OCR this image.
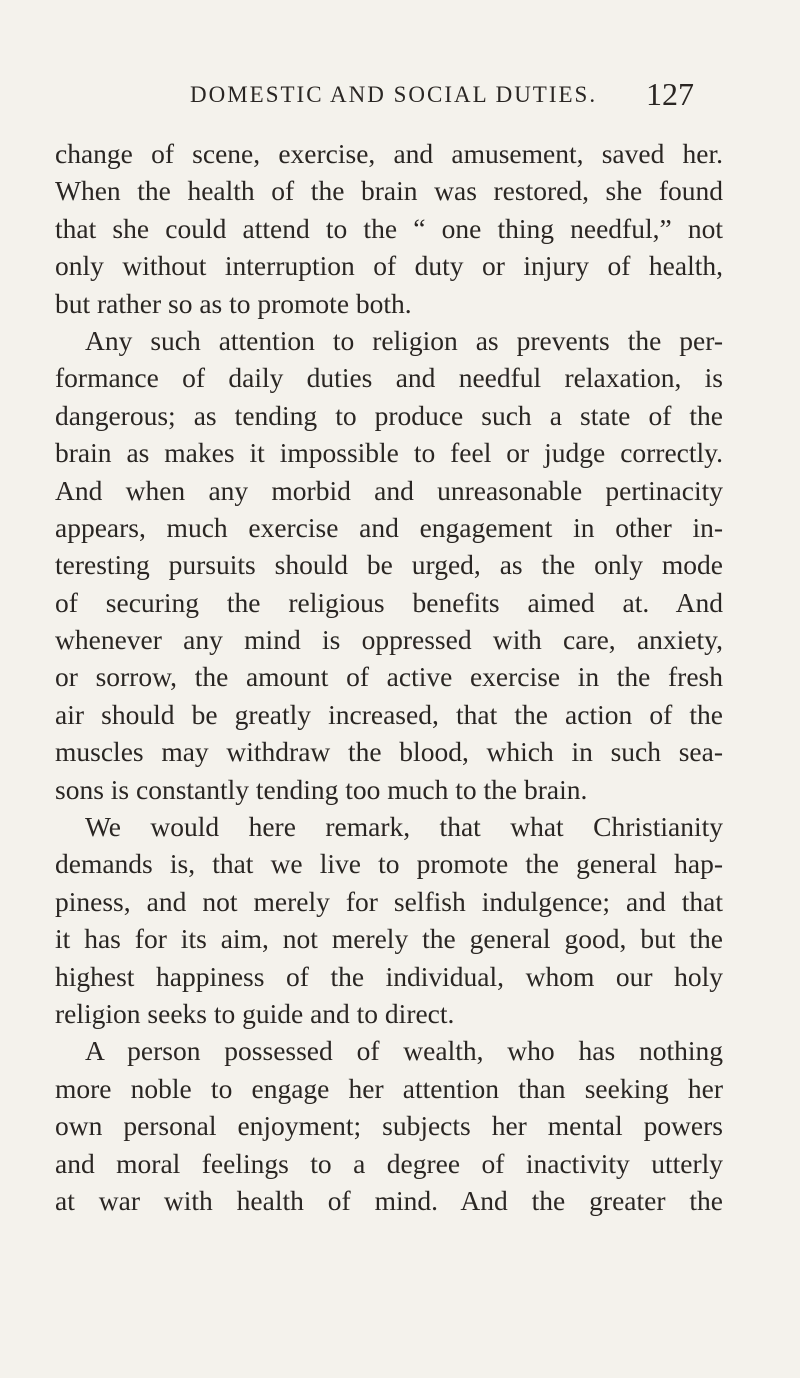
DOMESTIC AND SOCIAL DUTIES. 127
change of scene, exercise, and amusement, saved her.
When the health of the brain was restored, she found
that she could attend to the “ one thing needful,” not
only without interruption of duty or injury of health,
but rather so as to promote both.
Any such attention to religion as prevents the per-
formance of daily duties and needful relaxation, is
dangerous; as tending to produce such a state of the
brain as makes it impossible to feel or judge correctly.
And when any morbid and unreasonable pertinacity
appears, much exercise and engagement in other in-
teresting pursuits should be urged, as the only mode
of securing the religious benefits aimed at. And
whenever any mind is oppressed with care, anxiety,
or sorrow, the amount of active exercise in the fresh
air should be greatly increased, that the action of the
muscles may withdraw the blood, which in such sea-
sons is constantly tending too much to the brain.
We would here remark, that what Christianity
demands is, that we live to promote the general hap-
piness, and not merely for selfish indulgence; and that
it has for its aim, not merely the general good, but the
highest happiness of the individual, whom our holy
religion seeks to guide and to direct.
A person possessed of wealth, who has nothing
more noble to engage her attention than seeking her
own personal enjoyment; subjects her mental powers
and moral feelings to a degree of inactivity utterly
at war with health of mind. And the greater the
